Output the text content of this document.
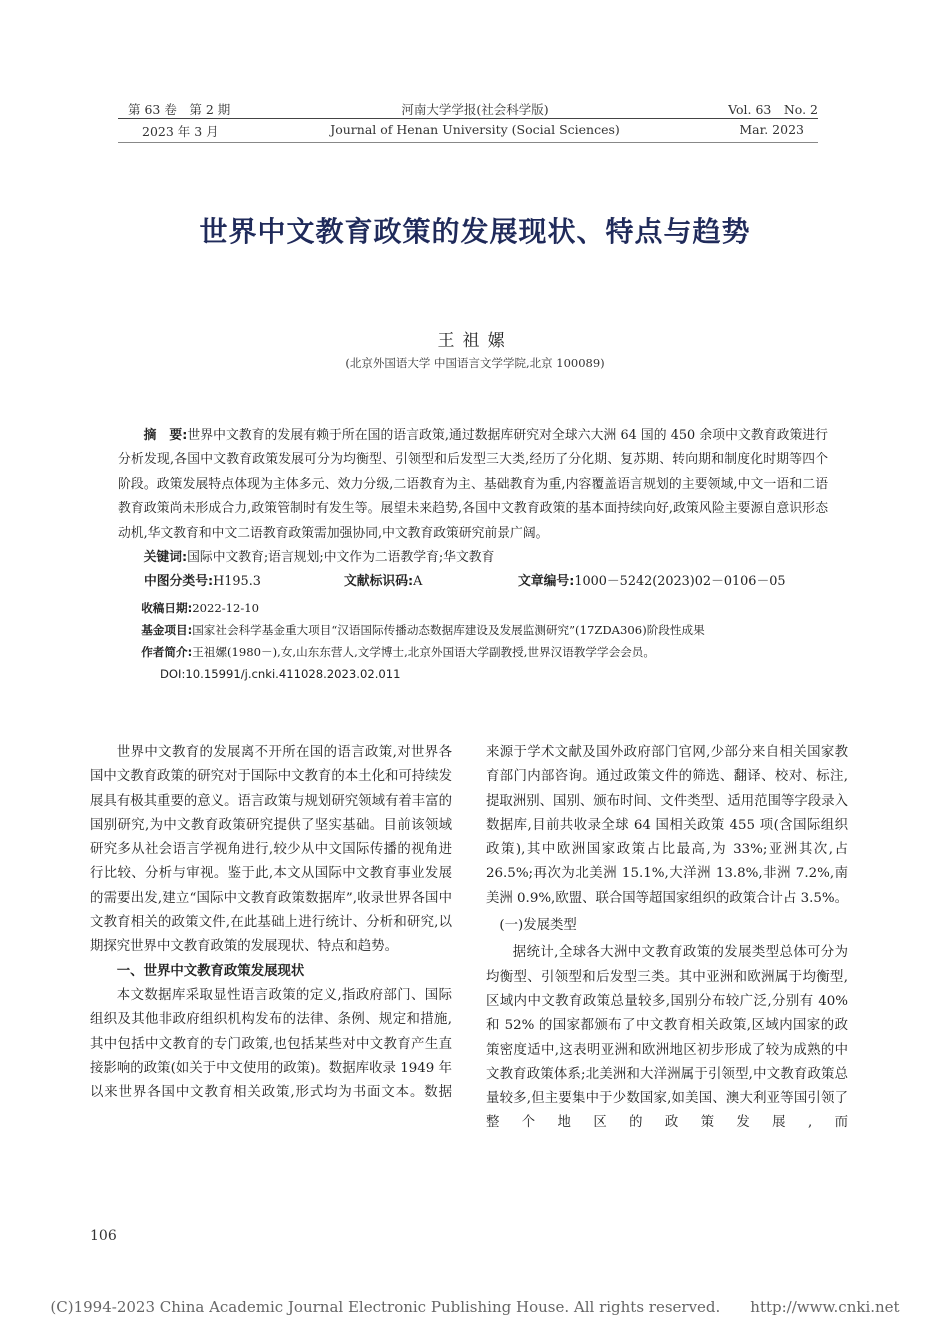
第 63 卷　第 2 期
2023 年 3 月
河南大学学报(社会科学版)
Journal of Henan University (Social Sciences)
Vol. 63　No. 2
Mar. 2023
世界中文教育政策的发展现状、特点与趋势
王祖嫘
(北京外国语大学 中国语言文学学院,北京 100089)
摘　要:世界中文教育的发展有赖于所在国的语言政策,通过数据库研究对全球六大洲 64 国的 450 余项中文教育政策进行分析发现,各国中文教育政策发展可分为均衡型、引领型和后发型三大类,经历了分化期、复苏期、转向期和制度化时期等四个阶段。政策发展特点体现为主体多元、效力分级,二语教育为主、基础教育为重,内容覆盖语言规划的主要领域,中文一语和二语教育政策尚未形成合力,政策管制时有发生等。展望未来趋势,各国中文教育政策的基本面持续向好,政策风险主要源自意识形态动机,华文教育和中文二语教育政策需加强协同,中文教育政策研究前景广阔。
关键词:国际中文教育;语言规划;中文作为二语教学育;华文教育
中图分类号:H195.3	文献标识码:A	文章编号:1000－5242(2023)02－0106－05
收稿日期:2022-12-10
基金项目:国家社会科学基金重大项目“汉语国际传播动态数据库建设及发展监测研究”(17ZDA306)阶段性成果
作者简介:王祖嫘(1980－),女,山东东营人,文学博士,北京外国语大学副教授,世界汉语教学学会会员。
DOI:10.15991/j.cnki.411028.2023.02.011

世界中文教育的发展离不开所在国的语言政策,对世界各国中文教育政策的研究对于国际中文教育的本土化和可持续发展具有极其重要的意义。语言政策与规划研究领域有着丰富的国别研究,为中文教育政策研究提供了坚实基础。目前该领域研究多从社会语言学视角进行,较少从中文国际传播的视角进行比较、分析与审视。鉴于此,本文从国际中文教育事业发展的需要出发,建立“国际中文教育政策数据库”,收录世界各国中文教育相关的政策文件,在此基础上进行统计、分析和研究,以期探究世界中文教育政策的发展现状、特点和趋势。

一、世界中文教育政策发展现状

本文数据库采取显性语言政策的定义,指政府部门、国际组织及其他非政府组织机构发布的法律、条例、规定和措施,其中包括中文教育的专门政策,也包括某些对中文教育产生直接影响的政策(如关于中文使用的政策)。数据库收录 1949 年以来世界各国中文教育相关政策,形式均为书面文本。数据

来源于学术文献及国外政府部门官网,少部分来自相关国家教育部门内部咨询。通过政策文件的筛选、翻译、校对、标注,提取洲别、国别、颁布时间、文件类型、适用范围等字段录入数据库,目前共收录全球 64 国相关政策 455 项(含国际组织政策),其中欧洲国家政策占比最高,为 33%;亚洲其次,占 26.5%;再次为北美洲 15.1%,大洋洲 13.8%,非洲 7.2%,南美洲 0.9%,欧盟、联合国等超国家组织的政策合计占 3.5%。

(一)发展类型

据统计,全球各大洲中文教育政策的发展类型总体可分为均衡型、引领型和后发型三类。其中亚洲和欧洲属于均衡型,区域内中文教育政策总量较多,国别分布较广泛,分别有 40% 和 52% 的国家都颁布了中文教育相关政策,区域内国家的政策密度适中,这表明亚洲和欧洲地区初步形成了较为成熟的中文教育政策体系;北美洲和大洋洲属于引领型,中文教育政策总量较多,但主要集中于少数国家,如美国、澳大利亚等国引领了整个地区的政策发展,而

106
(C)1994-2023 China Academic Journal Electronic Publishing House. All rights reserved.　　http://www.cnki.net
